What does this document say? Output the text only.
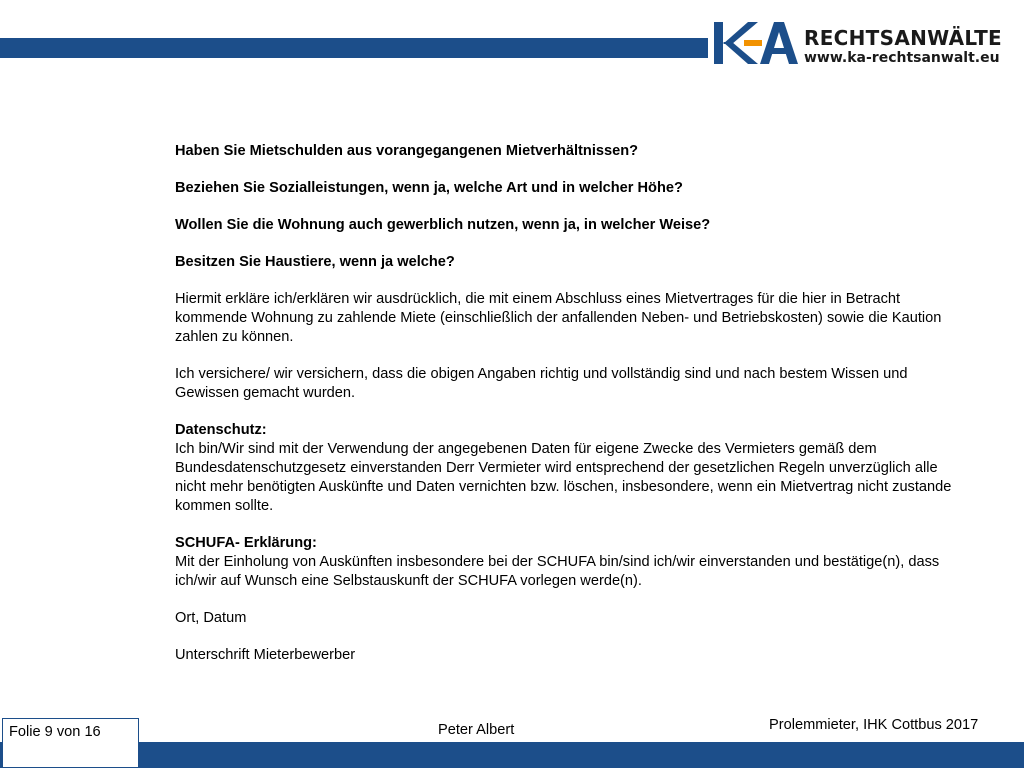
RECHTSANWÄLTE
www.ka-rechtsanwalt.eu

Haben Sie Mietschulden aus vorangegangenen Mietverhältnissen?

Beziehen Sie Sozialleistungen, wenn ja, welche Art und in welcher Höhe?

Wollen Sie die Wohnung auch gewerblich nutzen, wenn ja, in welcher Weise?

Besitzen Sie Haustiere, wenn ja welche?

Hiermit erkläre ich/erklären wir ausdrücklich, die mit einem Abschluss eines Mietvertrages für die hier in Betracht kommende Wohnung zu zahlende Miete (einschließlich der anfallenden Neben- und Betriebskosten) sowie die Kaution zahlen zu können.

Ich versichere/ wir versichern, dass die obigen Angaben richtig und vollständig sind und nach bestem Wissen und Gewissen gemacht wurden.

Datenschutz:
Ich bin/Wir sind mit der Verwendung der angegebenen Daten für eigene Zwecke des Vermieters gemäß dem Bundesdatenschutzgesetz einverstanden Derr Vermieter wird entsprechend der gesetzlichen Regeln unverzüglich alle nicht mehr benötigten Auskünfte und Daten vernichten bzw. löschen, insbesondere, wenn ein Mietvertrag nicht zustande kommen sollte.

SCHUFA- Erklärung:
Mit der Einholung von Auskünften insbesondere bei der SCHUFA bin/sind ich/wir einverstanden und bestätige(n), dass ich/wir auf Wunsch eine Selbstauskunft der SCHUFA vorlegen werde(n).

Ort, Datum

Unterschrift Mieterbewerber

Folie 9 von 16	Peter Albert	Prolemmieter, IHK Cottbus 2017
